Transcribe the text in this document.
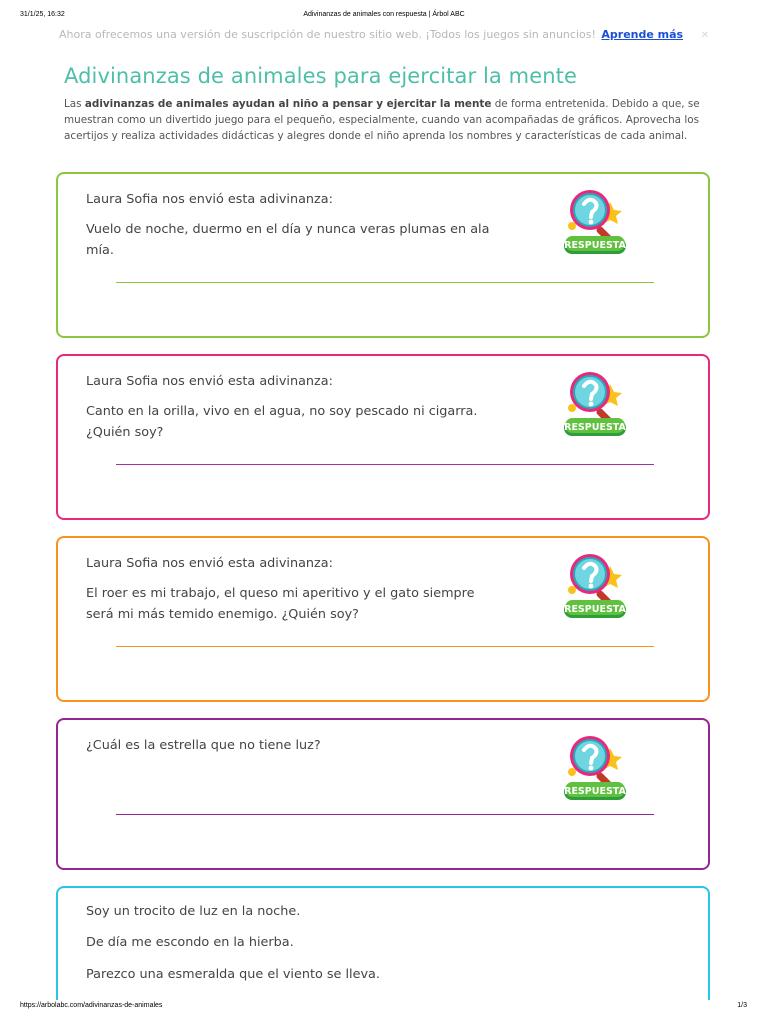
31/1/25, 16:32	Adivinanzas de animales con respuesta | Árbol ABC
Ahora ofrecemos una versión de suscripción de nuestro sitio web. ¡Todos los juegos sin anuncios! Aprende más ✕
Adivinanzas de animales para ejercitar la mente

Las adivinanzas de animales ayudan al niño a pensar y ejercitar la mente de forma entretenida. Debido a que, se muestran como un divertido juego para el pequeño, especialmente, cuando van acompañadas de gráficos. Aprovecha los acertijos y realiza actividades didácticas y alegres donde el niño aprenda los nombres y características de cada animal.

Laura Sofia nos envió esta adivinanza:

Vuelo de noche, duermo en el día y nunca veras plumas en ala

mía.	RESPUESTA

Laura Sofia nos envió esta adivinanza:

Canto en la orilla, vivo en el agua, no soy pescado ni cigarra.

¿Quién soy?	RESPUESTA

Laura Sofia nos envió esta adivinanza:

El roer es mi trabajo, el queso mi aperitivo y el gato siempre

será mi más temido enemigo. ¿Quién soy?	RESPUESTA

¿Cuál es la estrella que no tiene luz?

RESPUESTA

Soy un trocito de luz en la noche.

De día me escondo en la hierba.

Parezco una esmeralda que el viento se lleva.

https://arbolabc.com/adivinanzas-de-animales	1/3
